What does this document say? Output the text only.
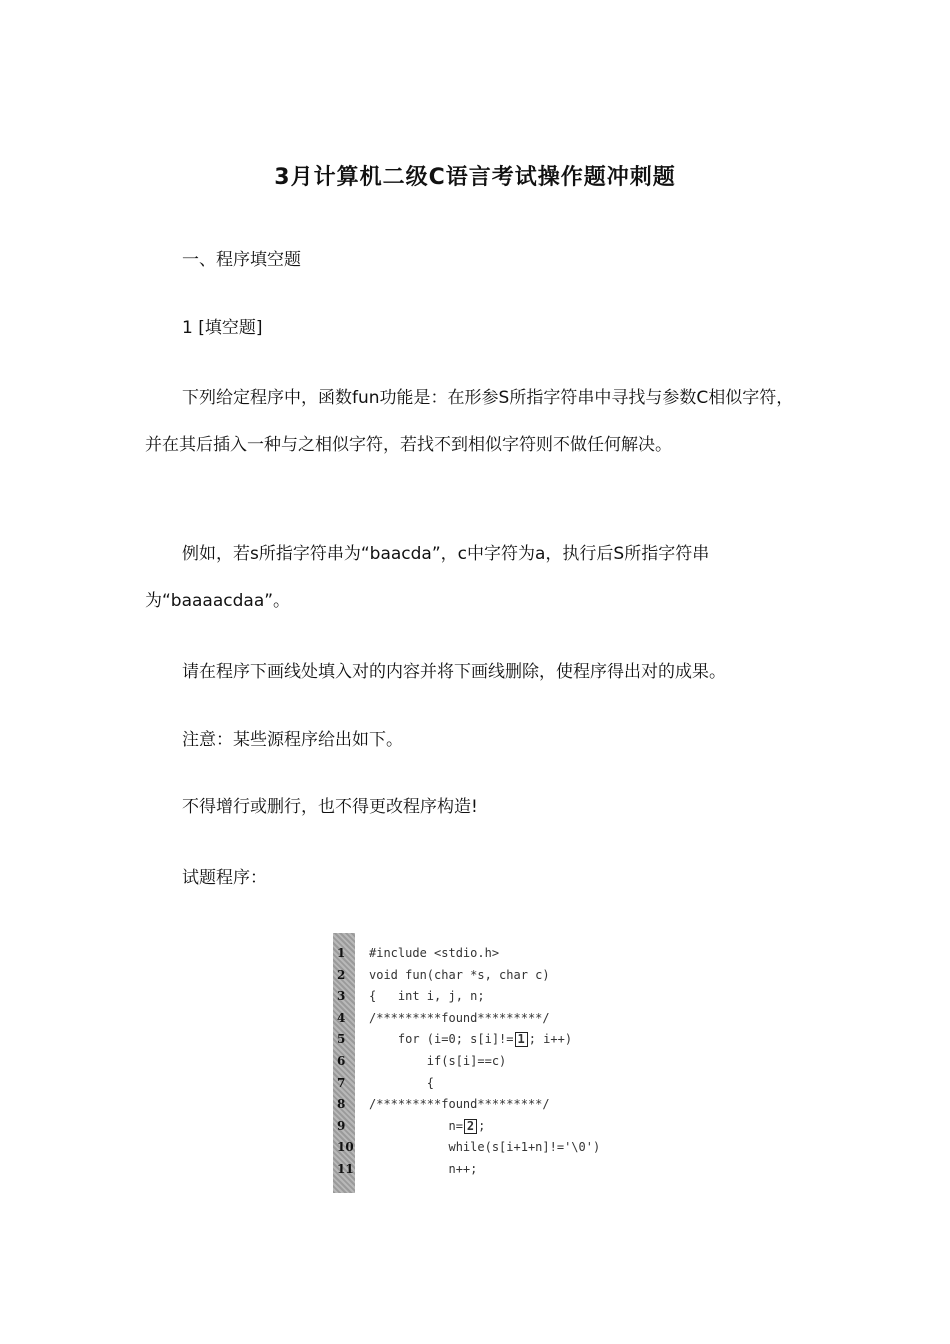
3月计算机二级C语言考试操作题冲刺题
一、程序填空题
1 [填空题]
下列给定程序中，函数fun功能是：在形参S所指字符串中寻找与参数C相似字符，并在其后插入一种与之相似字符，若找不到相似字符则不做任何解决。
例如，若s所指字符串为“baacda”，c中字符为a，执行后S所指字符串为“baaaacdaa”。
请在程序下画线处填入对的内容并将下画线删除，使程序得出对的成果。
注意：某些源程序给出如下。
不得增行或删行，也不得更改程序构造!
试题程序：
1	#include <stdio.h>
2	void fun(char *s, char c)
3	{   int i, j, n;
4	/*********found*********/
5	for (i=0; s[i]!= 1 ; i++)
6	if(s[i]==c)
7	{
8	/*********found*********/
9	n= 2 ;
10 while(s[i+1+n]!='\0')
11 n++;
